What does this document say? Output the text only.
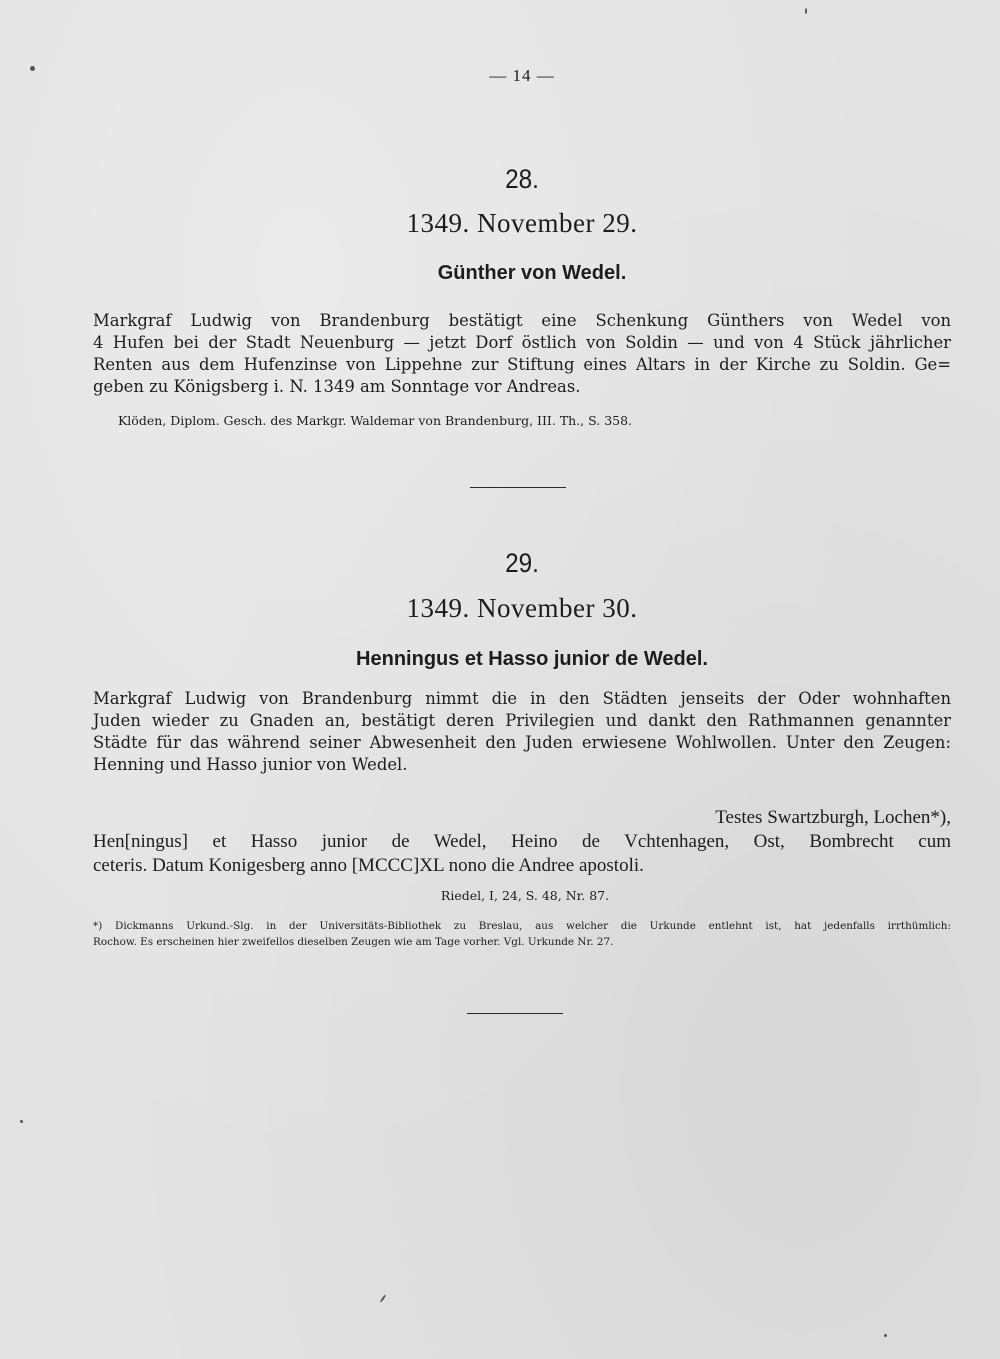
— 14 —
28.
1349. November 29.
Günther von Wedel.
Markgraf Ludwig von Brandenburg bestätigt eine Schenkung Günthers von Wedel von
4 Hufen bei der Stadt Neuenburg — jetzt Dorf östlich von Soldin — und von 4 Stück jährlicher
Renten aus dem Hufenzinse von Lippehne zur Stiftung eines Altars in der Kirche zu Soldin. Ge=
geben zu Königsberg i. N. 1349 am Sonntage vor Andreas.
Klöden, Diplom. Gesch. des Markgr. Waldemar von Brandenburg, III. Th., S. 358.
29.
1349. November 30.
Henningus et Hasso junior de Wedel.
Markgraf Ludwig von Brandenburg nimmt die in den Städten jenseits der Oder wohnhaften
Juden wieder zu Gnaden an, bestätigt deren Privilegien und dankt den Rathmannen genannter
Städte für das während seiner Abwesenheit den Juden erwiesene Wohlwollen. Unter den Zeugen:
Henning und Hasso junior von Wedel.
Testes Swartzburgh, Lochen*),
Hen[ningus] et Hasso junior de Wedel, Heino de Vchtenhagen, Ost, Bombrecht cum
ceteris. Datum Konigesberg anno [MCCC]XL nono die Andree apostoli.
Riedel, I, 24, S. 48, Nr. 87.
*) Dickmanns Urkund.-Slg. in der Universitäts-Bibliothek zu Breslau, aus welcher die Urkunde entlehnt ist, hat jedenfalls irrthümlich:
Rochow. Es erscheinen hier zweifellos dieselben Zeugen wie am Tage vorher. Vgl. Urkunde Nr. 27.
